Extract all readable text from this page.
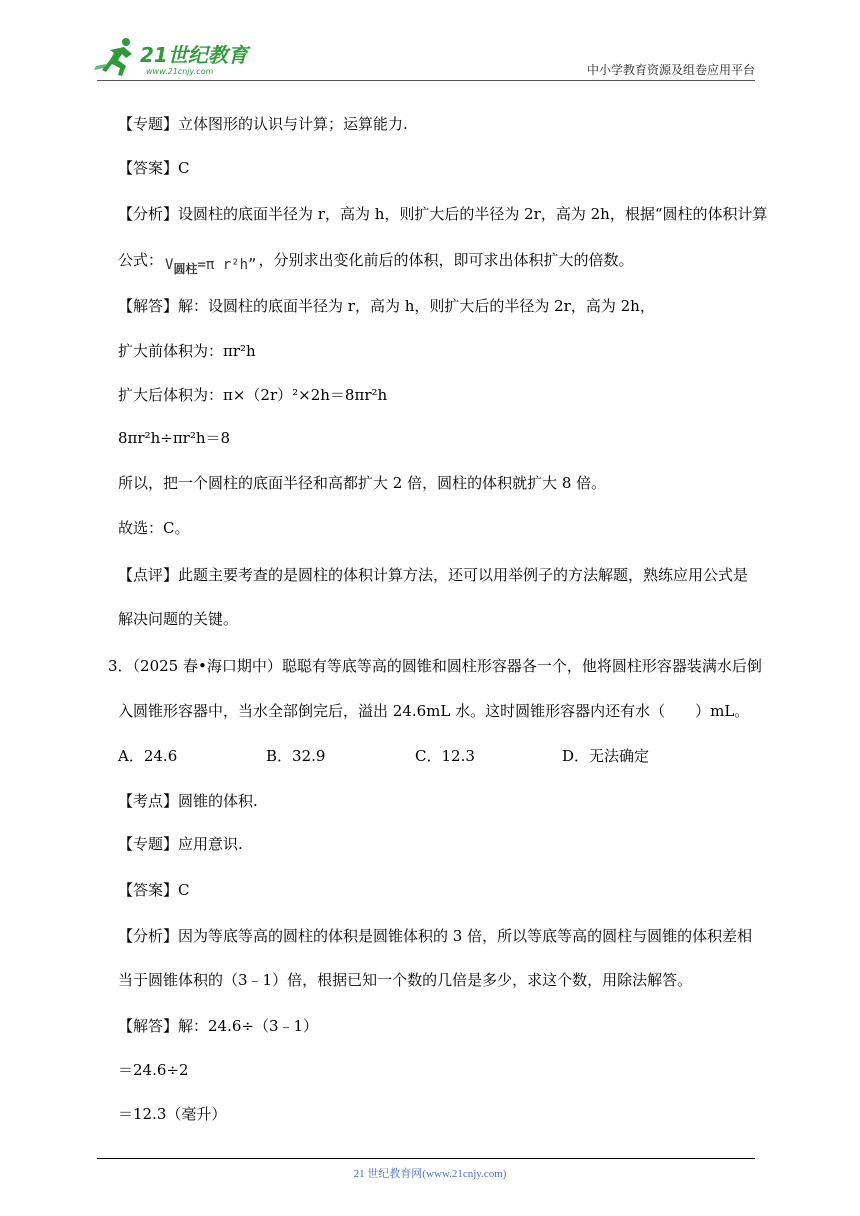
21世纪教育
www.21cnjy.com	中小学教育资源及组卷应用平台
【专题】立体图形的认识与计算；运算能力.
【答案】C
【分析】设圆柱的底面半径为 r，高为 h，则扩大后的半径为 2r，高为 2h，根据“圆柱的体积计算
【解答】解：设圆柱的底面半径为 r，高为 h，则扩大后的半径为 2r，高为 2h，
扩大前体积为：πr²h
扩大后体积为：π×（2r）²×2h＝8πr²h
8πr²h÷πr²h＝8
所以，把一个圆柱的底面半径和高都扩大 2 倍，圆柱的体积就扩大 8 倍。
故选：C。
【点评】此题主要考查的是圆柱的体积计算方法，还可以用举例子的方法解题，熟练应用公式是
解决问题的关键。
【考点】圆锥的体积.
【专题】应用意识.
【答案】C
【分析】因为等底等高的圆柱的体积是圆锥体积的 3 倍，所以等底等高的圆柱与圆锥的体积差相
当于圆锥体积的（3﹣1）倍，根据已知一个数的几倍是多少，求这个数，用除法解答。
【解答】解：24.6÷（3﹣1）
＝24.6÷2
＝12.3（毫升）
公式： V圆柱=π r²h” ，分别求出变化前后的体积，即可求出体积扩大的倍数。
3．（2025 春•海口期中）聪聪有等底等高的圆锥和圆柱形容器各一个，他将圆柱形容器装满水后倒
入圆锥形容器中，当水全部倒完后，溢出 24.6mL 水。这时圆锥形容器内还有水（　　）mL。
A．24.6	B．32.9	C．12.3	D．无法确定
21 世纪教育网(www.21cnjy.com)
